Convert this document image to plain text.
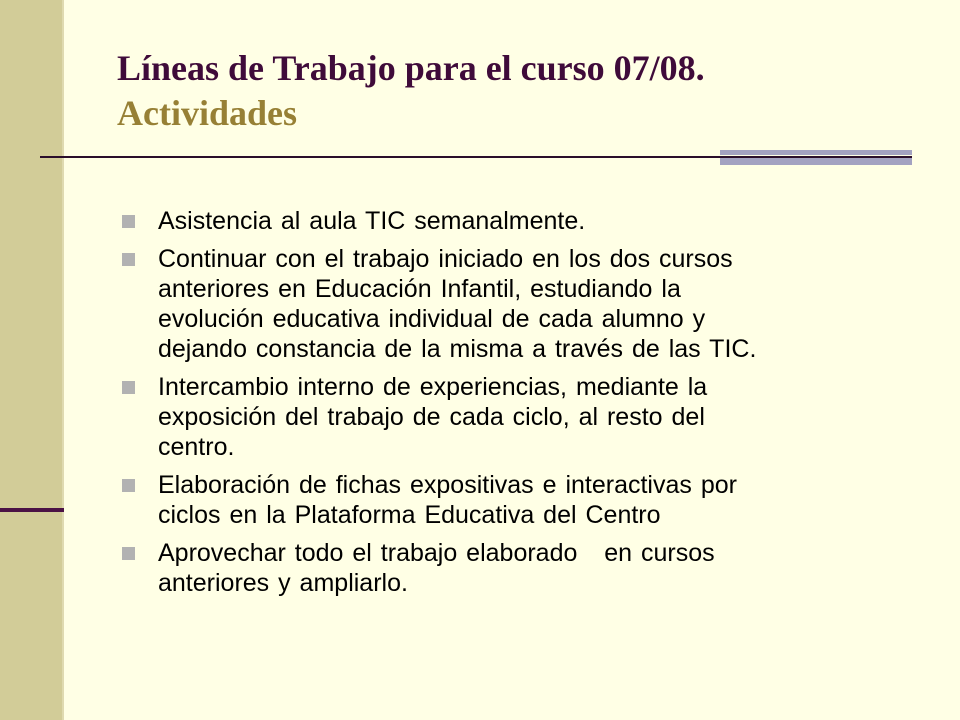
Líneas de Trabajo para el curso 07/08.
Actividades
Asistencia al aula TIC semanalmente.
Continuar con el trabajo iniciado en los dos cursos
anteriores en Educación Infantil, estudiando la
evolución educativa individual de cada alumno y
dejando constancia de la misma a través de las TIC.
Intercambio interno de experiencias, mediante la
exposición del trabajo de cada ciclo, al resto del
centro.
Elaboración de fichas expositivas e interactivas por
ciclos en la Plataforma Educativa del Centro
Aprovechar todo el trabajo elaborado   en cursos
anteriores y ampliarlo.
